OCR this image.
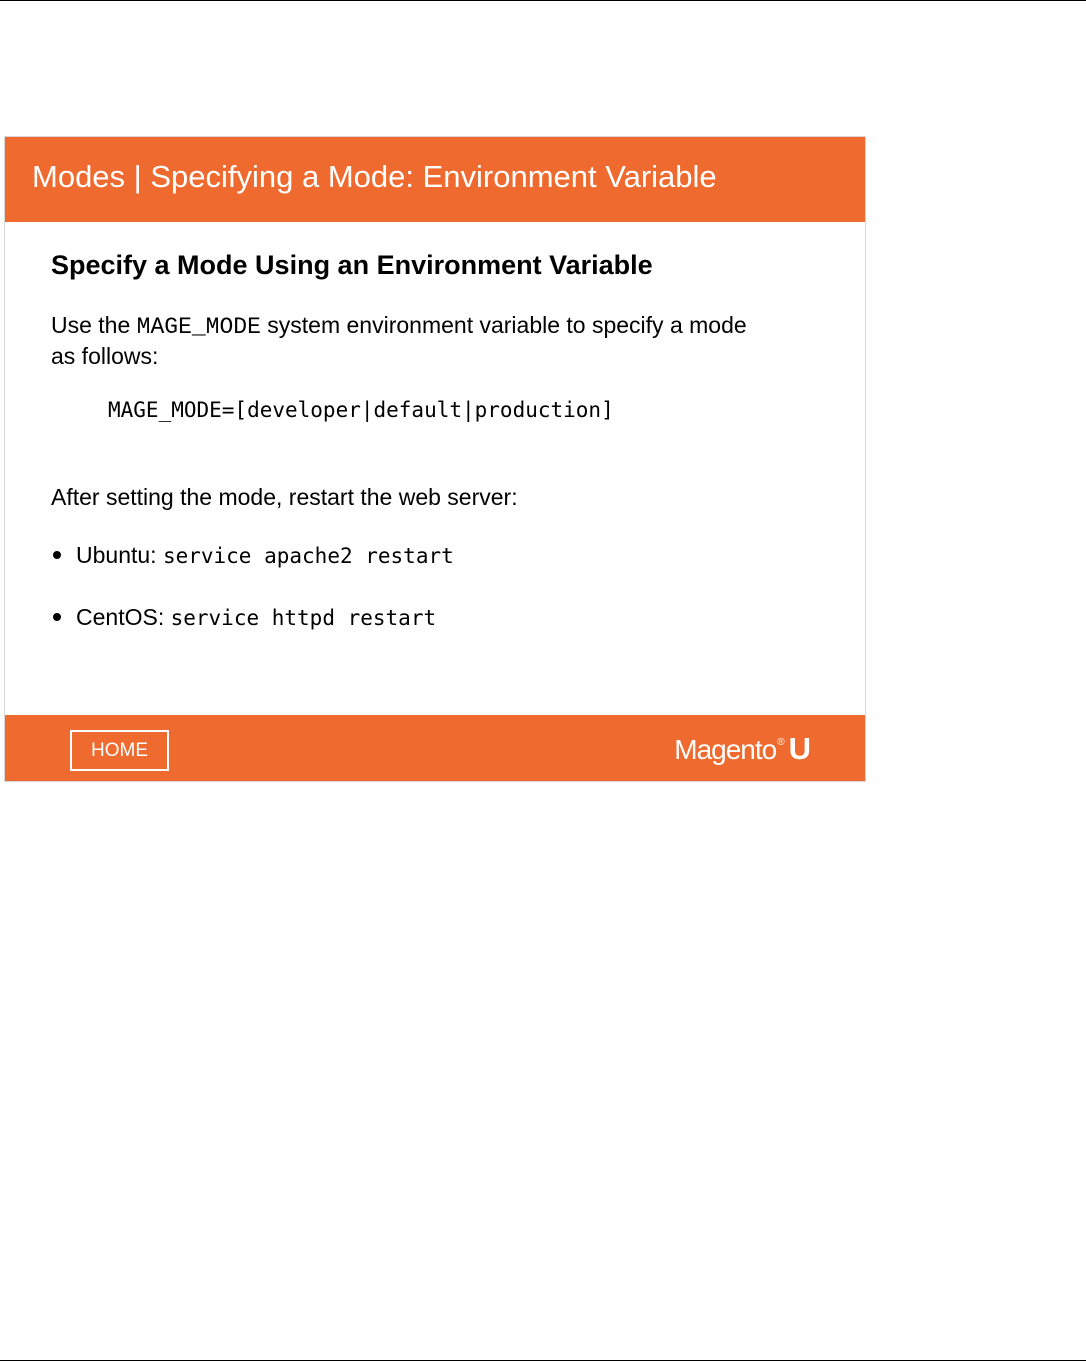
Modes | Specifying a Mode: Environment Variable
Specify a Mode Using an Environment Variable

Use the MAGE_MODE system environment variable to specify a mode as follows:

MAGE_MODE=[developer|default|production]

After setting the mode, restart the web server:

Ubuntu: service apache2 restart
CentOS: service httpd restart
HOME	Magento ® U
